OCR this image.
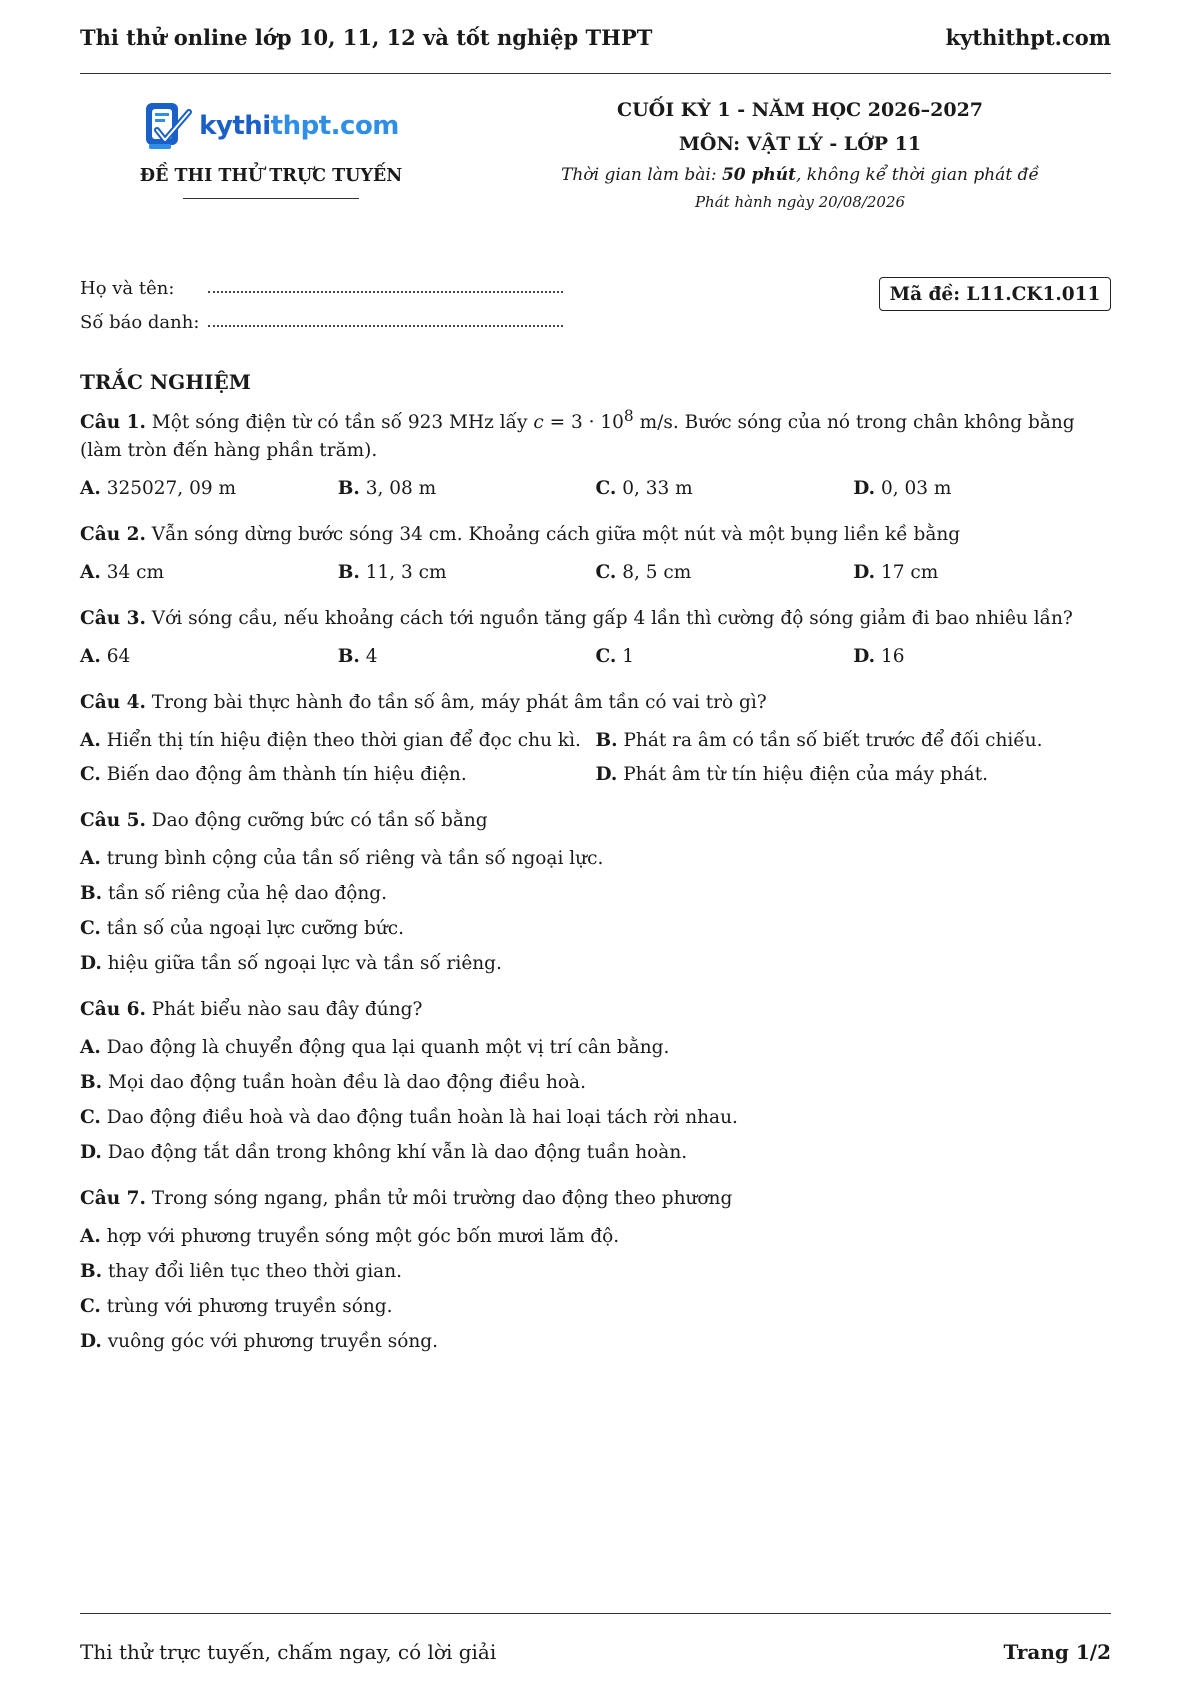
Thi thử online lớp 10, 11, 12 và tốt nghiệp THPT	kythithpt.com
kythithpt.com
ĐỀ THI THỬ TRỰC TUYẾN
CUỐI KỲ 1 - NĂM HỌC 2026–2027
MÔN: VẬT LÝ - LỚP 11
Thời gian làm bài: 50 phút, không kể thời gian phát đề
Phát hành ngày 20/08/2026
Họ và tên:
Số báo danh:
Mã đề: L11.CK1.011
TRẮC NGHIỆM

Câu 1. Một sóng điện từ có tần số 923 MHz lấy $c = 3 \cdot 10^8$ m/s. Bước sóng của nó trong chân không bằng (làm tròn đến hàng phần trăm).

A. 325027, 09 m	B. 3, 08 m	C. 0, 33 m	D. 0, 03 m

Câu 2. Vẫn sóng dừng bước sóng 34 cm. Khoảng cách giữa một nút và một bụng liền kề bằng

A. 34 cm	B. 11, 3 cm	C. 8, 5 cm	D. 17 cm

Câu 3. Với sóng cầu, nếu khoảng cách tới nguồn tăng gấp 4 lần thì cường độ sóng giảm đi bao nhiêu lần?

A. 64	B. 4	C. 1	D. 16

Câu 4. Trong bài thực hành đo tần số âm, máy phát âm tần có vai trò gì?

A. Hiển thị tín hiệu điện theo thời gian để đọc chu kì. B. Phát ra âm có tần số biết trước để đối chiếu.
C. Biến dao động âm thành tín hiệu điện.	D. Phát âm từ tín hiệu điện của máy phát.

Câu 5. Dao động cưỡng bức có tần số bằng

A. trung bình cộng của tần số riêng và tần số ngoại lực.
B. tần số riêng của hệ dao động.
C. tần số của ngoại lực cưỡng bức.
D. hiệu giữa tần số ngoại lực và tần số riêng.

Câu 6. Phát biểu nào sau đây đúng?

A. Dao động là chuyển động qua lại quanh một vị trí cân bằng.
B. Mọi dao động tuần hoàn đều là dao động điều hoà.
C. Dao động điều hoà và dao động tuần hoàn là hai loại tách rời nhau.
D. Dao động tắt dần trong không khí vẫn là dao động tuần hoàn.

Câu 7. Trong sóng ngang, phần tử môi trường dao động theo phương

A. hợp với phương truyền sóng một góc bốn mươi lăm độ.
B. thay đổi liên tục theo thời gian.
C. trùng với phương truyền sóng.
D. vuông góc với phương truyền sóng.
Thi thử trực tuyến, chấm ngay, có lời giải	Trang 1/2
